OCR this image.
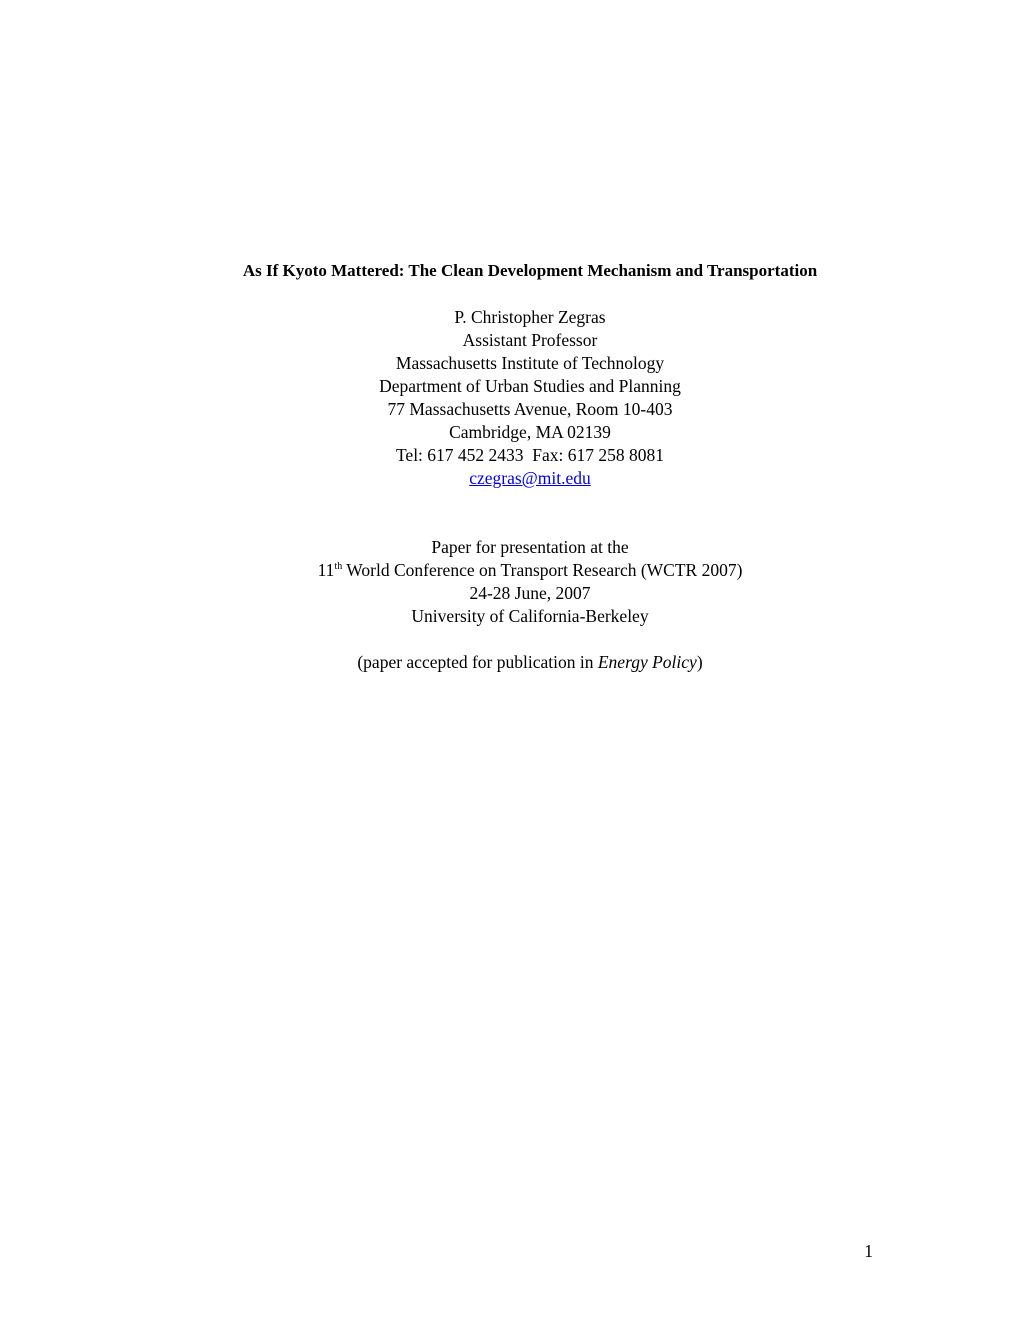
As If Kyoto Mattered: The Clean Development Mechanism and Transportation
P. Christopher Zegras
Assistant Professor
Massachusetts Institute of Technology
Department of Urban Studies and Planning
77 Massachusetts Avenue, Room 10-403
Cambridge, MA 02139
Tel: 617 452 2433  Fax: 617 258 8081
czegras@mit.edu
Paper for presentation at the
11th World Conference on Transport Research (WCTR 2007)
24-28 June, 2007
University of California-Berkeley
(paper accepted for publication in Energy Policy)
1
